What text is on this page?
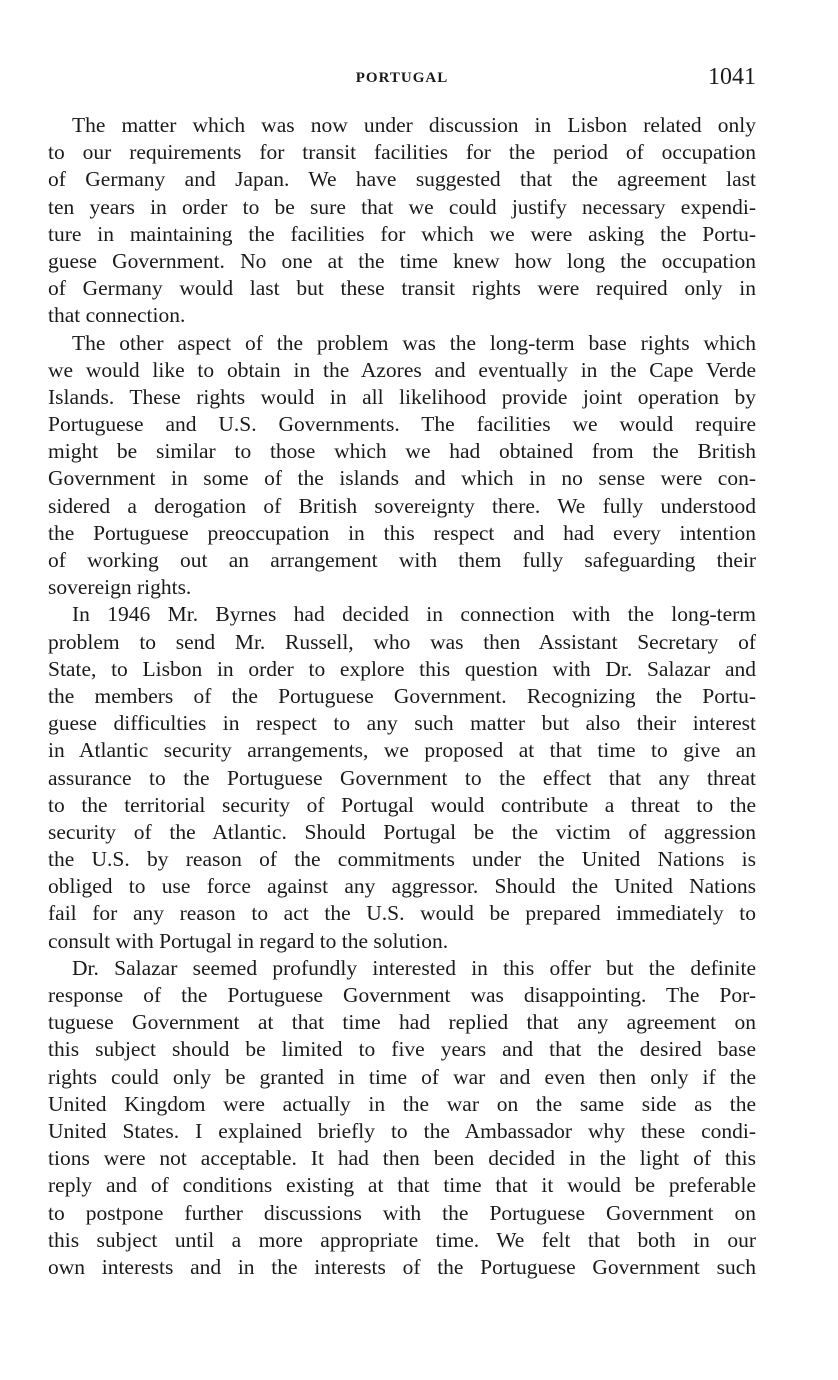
PORTUGAL	1041
The matter which was now under discussion in Lisbon related only
to our requirements for transit facilities for the period of occupation
of Germany and Japan. We have suggested that the agreement last
ten years in order to be sure that we could justify necessary expendi-
ture in maintaining the facilities for which we were asking the Portu-
guese Government. No one at the time knew how long the occupation
of Germany would last but these transit rights were required only in
that connection.
The other aspect of the problem was the long-term base rights which
we would like to obtain in the Azores and eventually in the Cape Verde
Islands. These rights would in all likelihood provide joint operation by
Portuguese and U.S. Governments. The facilities we would require
might be similar to those which we had obtained from the British
Government in some of the islands and which in no sense were con-
sidered a derogation of British sovereignty there. We fully understood
the Portuguese preoccupation in this respect and had every intention
of working out an arrangement with them fully safeguarding their
sovereign rights.
In 1946 Mr. Byrnes had decided in connection with the long-term
problem to send Mr. Russell, who was then Assistant Secretary of
State, to Lisbon in order to explore this question with Dr. Salazar and
the members of the Portuguese Government. Recognizing the Portu-
guese difficulties in respect to any such matter but also their interest
in Atlantic security arrangements, we proposed at that time to give an
assurance to the Portuguese Government to the effect that any threat
to the territorial security of Portugal would contribute a threat to the
security of the Atlantic. Should Portugal be the victim of aggression
the U.S. by reason of the commitments under the United Nations is
obliged to use force against any aggressor. Should the United Nations
fail for any reason to act the U.S. would be prepared immediately to
consult with Portugal in regard to the solution.
Dr. Salazar seemed profundly interested in this offer but the definite
response of the Portuguese Government was disappointing. The Por-
tuguese Government at that time had replied that any agreement on
this subject should be limited to five years and that the desired base
rights could only be granted in time of war and even then only if the
United Kingdom were actually in the war on the same side as the
United States. I explained briefly to the Ambassador why these condi-
tions were not acceptable. It had then been decided in the light of this
reply and of conditions existing at that time that it would be preferable
to postpone further discussions with the Portuguese Government on
this subject until a more appropriate time. We felt that both in our
own interests and in the interests of the Portuguese Government such
